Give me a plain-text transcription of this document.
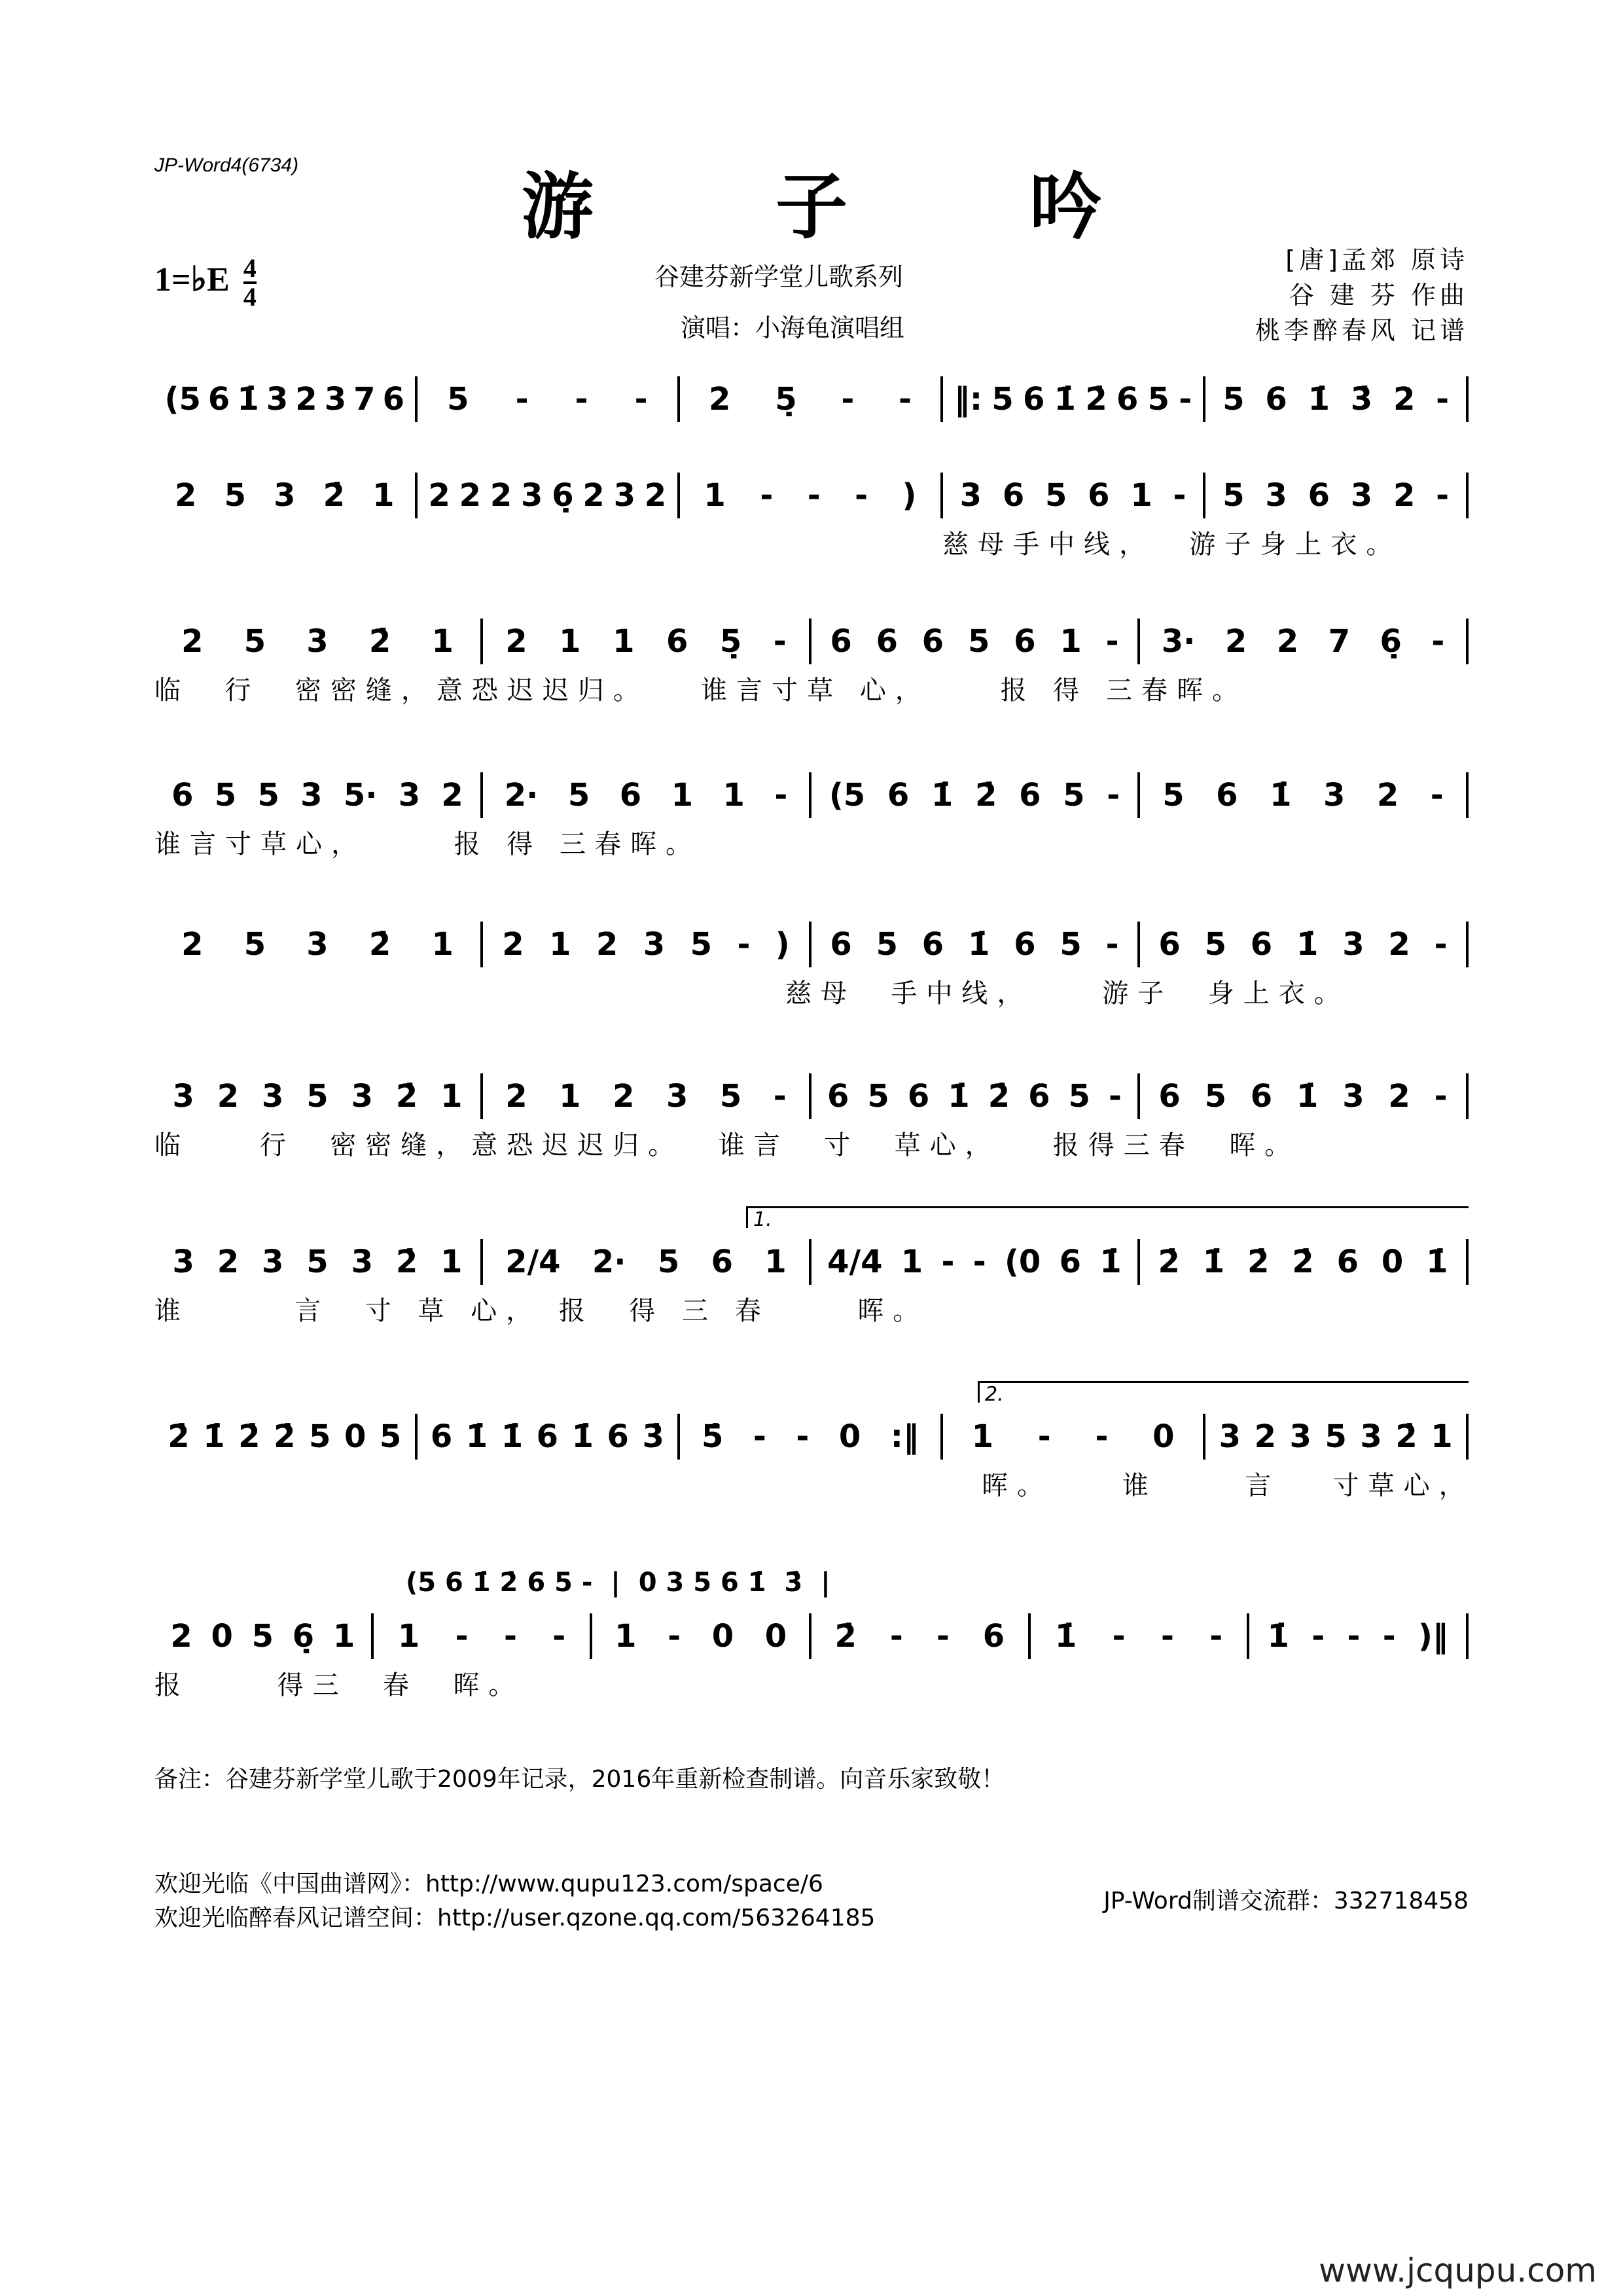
JP-Word4(6734)	游 子 吟
1=♭E $\frac{4}{4}$	谷建芬新学堂儿歌系列
演唱：小海龟演唱组
[唐]孟郊 原诗
谷 建 芬 作曲
桃李醉春风 记谱
(5 6 1̇ 3 2 3 7 6 5 - - - 2 5̣ - - ‖: 5 6 1̇ 2̇ 6 5 - 5 6 1̇ 3̇ 2 -
2 5 3 2̇ 1 2 2 2 3 6̣ 2 3 2 1 - - - ) 3 6 5 6 1 - 5 3 6 3 2 -
慈母手中线，  游子身上衣。
2 5 3 2̇ 1 2 1 1 6 5̣ - 6 6 6 5 6 1 - 3· 2 2 7 6̣ -
临  行  密密缝，意恐迟迟归。   谁言寸草 心，    报 得 三春晖。
6 5 5 3 5· 3 2 2· 5 6 1 1 - (5 6 1̇ 2̇ 6 5 - 5 6 1̇ 3 2 -
谁言寸草心，     报 得 三春晖。
2 5 3 2̇ 1 2 1 2 3 5 - ) 6 5 6 1̇ 6 5 - 6 5 6 1̇ 3 2 -
慈母  手中线，    游子  身上衣。
3 2 3 5 3 2̇ 1 2 1 2 3 5 - 6 5 6 1̇ 2̇ 6 5 - 6 5 6 1̇ 3 2 -
临    行  密密缝，意恐迟迟归。  谁言  寸  草心，   报得三春  晖。
3 2 3 5 3 2̇ 1 2/4 2· 5 6 1 4/4 1 - - (0 6 1̇ 2̇ 1̇ 2̇ 2̇ 6 0 1̇
谁      言  寸 草 心， 报  得 三 春     晖。
1.
2̇ 1̇ 2̇ 2̇ 5 0 5 6 1̇ 1̇ 6 1̇ 6 3̇ 5̇ - - 0 :‖ 1 - - 0 3 2 3 5 3 2̇ 1
晖。    谁     言   寸草心，
2.
2 0 5 6̣ 1 1 - - - 1 - 0 0 2̇ - - 6 1̇ - - - 1̇ - - - )‖
报     得三  春  晖。
(5 6 1̇ 2̇ 6 5 -  |  0 3 5 6 1̇  3̇  |
备注：谷建芬新学堂儿歌于2009年记录，2016年重新检查制谱。向音乐家致敬！
欢迎光临《中国曲谱网》：http://www.qupu123.com/space/6
欢迎光临醉春风记谱空间：http://user.qzone.qq.com/563264185
JP-Word制谱交流群：332718458
www.jcqupu.com
